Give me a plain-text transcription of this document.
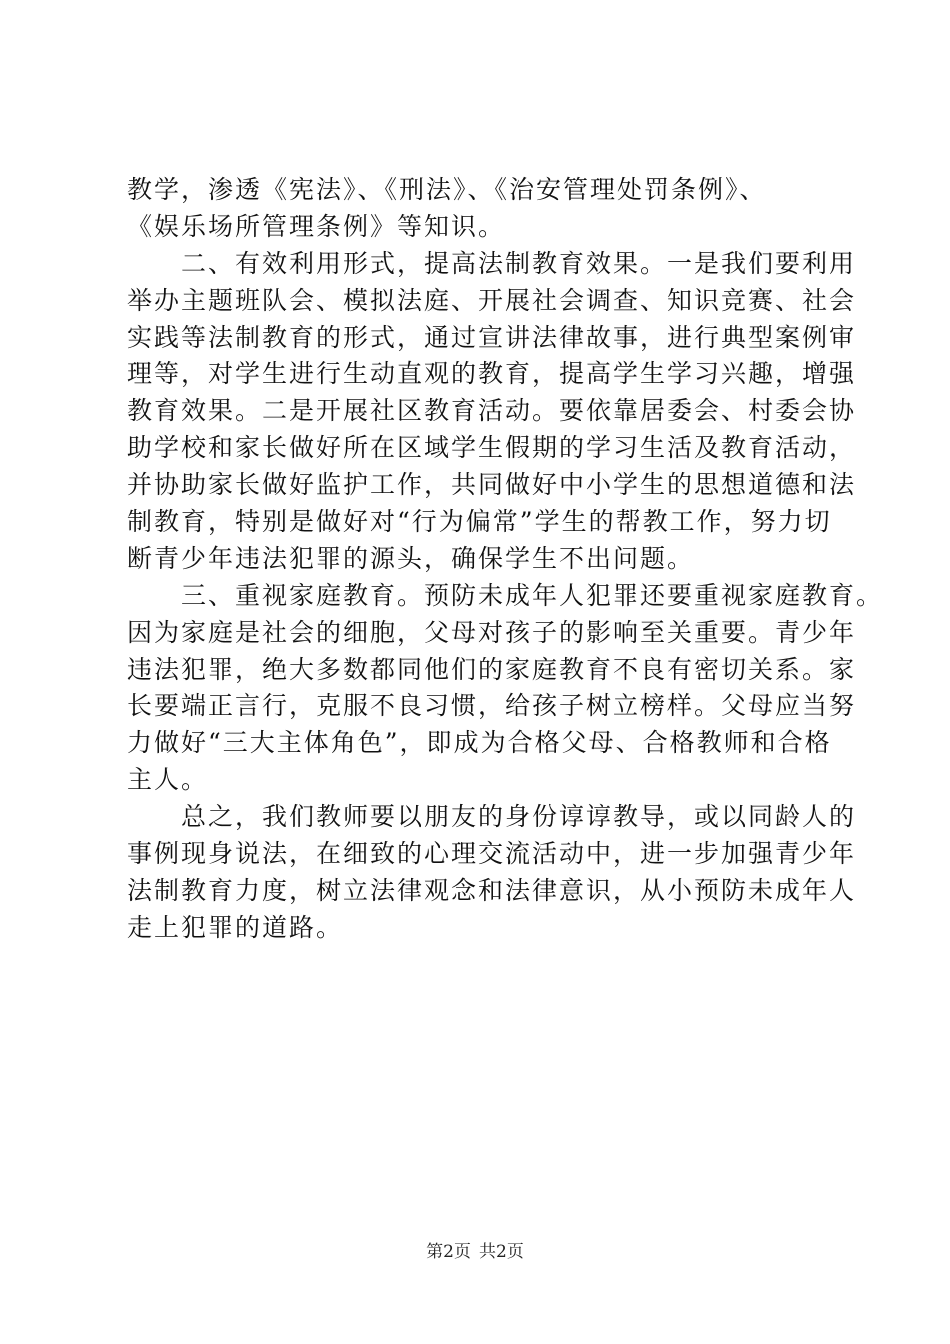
教学，渗透《宪法》、《刑法》、《治安管理处罚条例》、
《娱乐场所管理条例》等知识。
　　二、有效利用形式，提高法制教育效果。一是我们要利用
举办主题班队会、模拟法庭、开展社会调查、知识竞赛、社会
实践等法制教育的形式，通过宣讲法律故事，进行典型案例审
理等，对学生进行生动直观的教育，提高学生学习兴趣，增强
教育效果。二是开展社区教育活动。要依靠居委会、村委会协
助学校和家长做好所在区域学生假期的学习生活及教育活动，
并协助家长做好监护工作，共同做好中小学生的思想道德和法
制教育，特别是做好对“行为偏常”学生的帮教工作，努力切
断青少年违法犯罪的源头，确保学生不出问题。
　　三、重视家庭教育。预防未成年人犯罪还要重视家庭教育。
因为家庭是社会的细胞，父母对孩子的影响至关重要。青少年
违法犯罪，绝大多数都同他们的家庭教育不良有密切关系。家
长要端正言行，克服不良习惯，给孩子树立榜样。父母应当努
力做好“三大主体角色”，即成为合格父母、合格教师和合格
主人。
　　总之，我们教师要以朋友的身份谆谆教导，或以同龄人的
事例现身说法，在细致的心理交流活动中，进一步加强青少年
法制教育力度，树立法律观念和法律意识，从小预防未成年人
走上犯罪的道路。
第2页 共2页
